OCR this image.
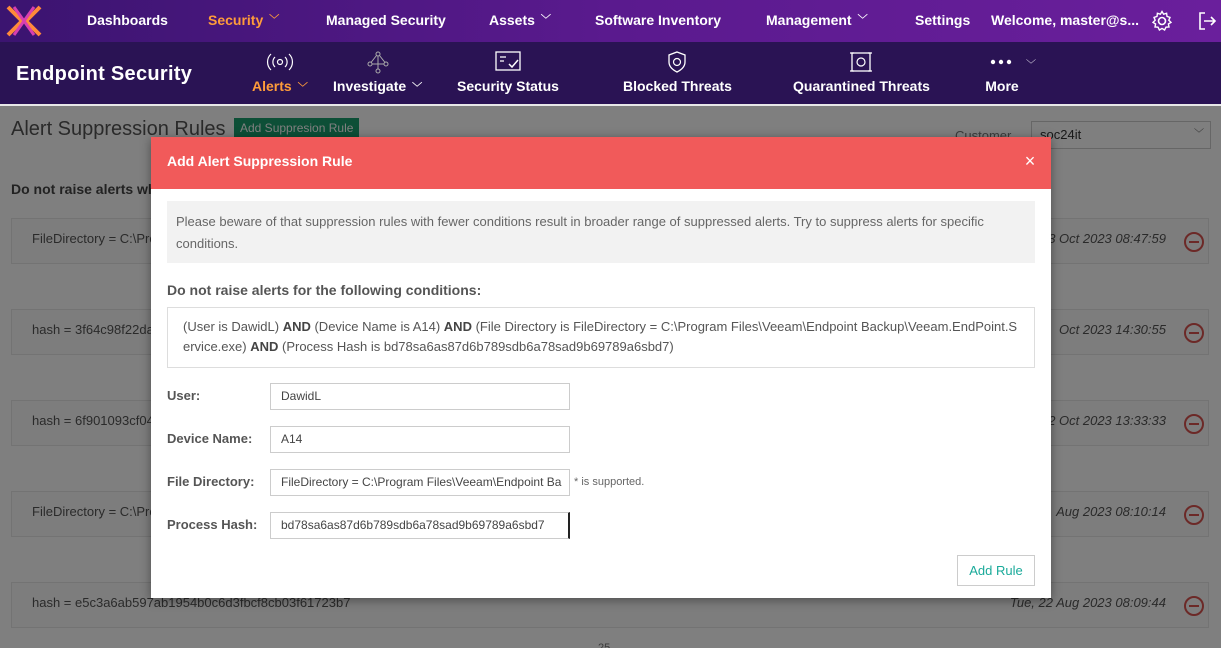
Dashboards	Security ﹀	Managed Security	Assets ﹀	Software Inventory	Management ﹀	Settings Welcome, master@s...
Endpoint Security
Alerts ﹀ Investigate ﹀ Security Status	Blocked Threats	Quarantined Threats	More
﹀
Add Alert Suppression Rule	×
Please beware of that suppression rules with fewer conditions result in broader range of suppressed alerts. Try to suppress alerts for specific conditions.
Do not raise alerts for the following conditions:
(User is DawidL) AND (Device Name is A14) AND (File Directory is FileDirectory = C:\Program Files\Veeam\Endpoint Backup\Veeam.EndPoint.Service.exe) AND (Process Hash is bd78sa6as87d6b789sdb6a78sad9b69789a6sbd7)
User:	DawidL
Device Name:	A14
File Directory:	FileDirectory = C:\Program Files\Veeam\Endpoint Ba	* is supported.
Process Hash:	bd78sa6as87d6b789sdb6a78sad9b69789a6sbd7
Add Rule
